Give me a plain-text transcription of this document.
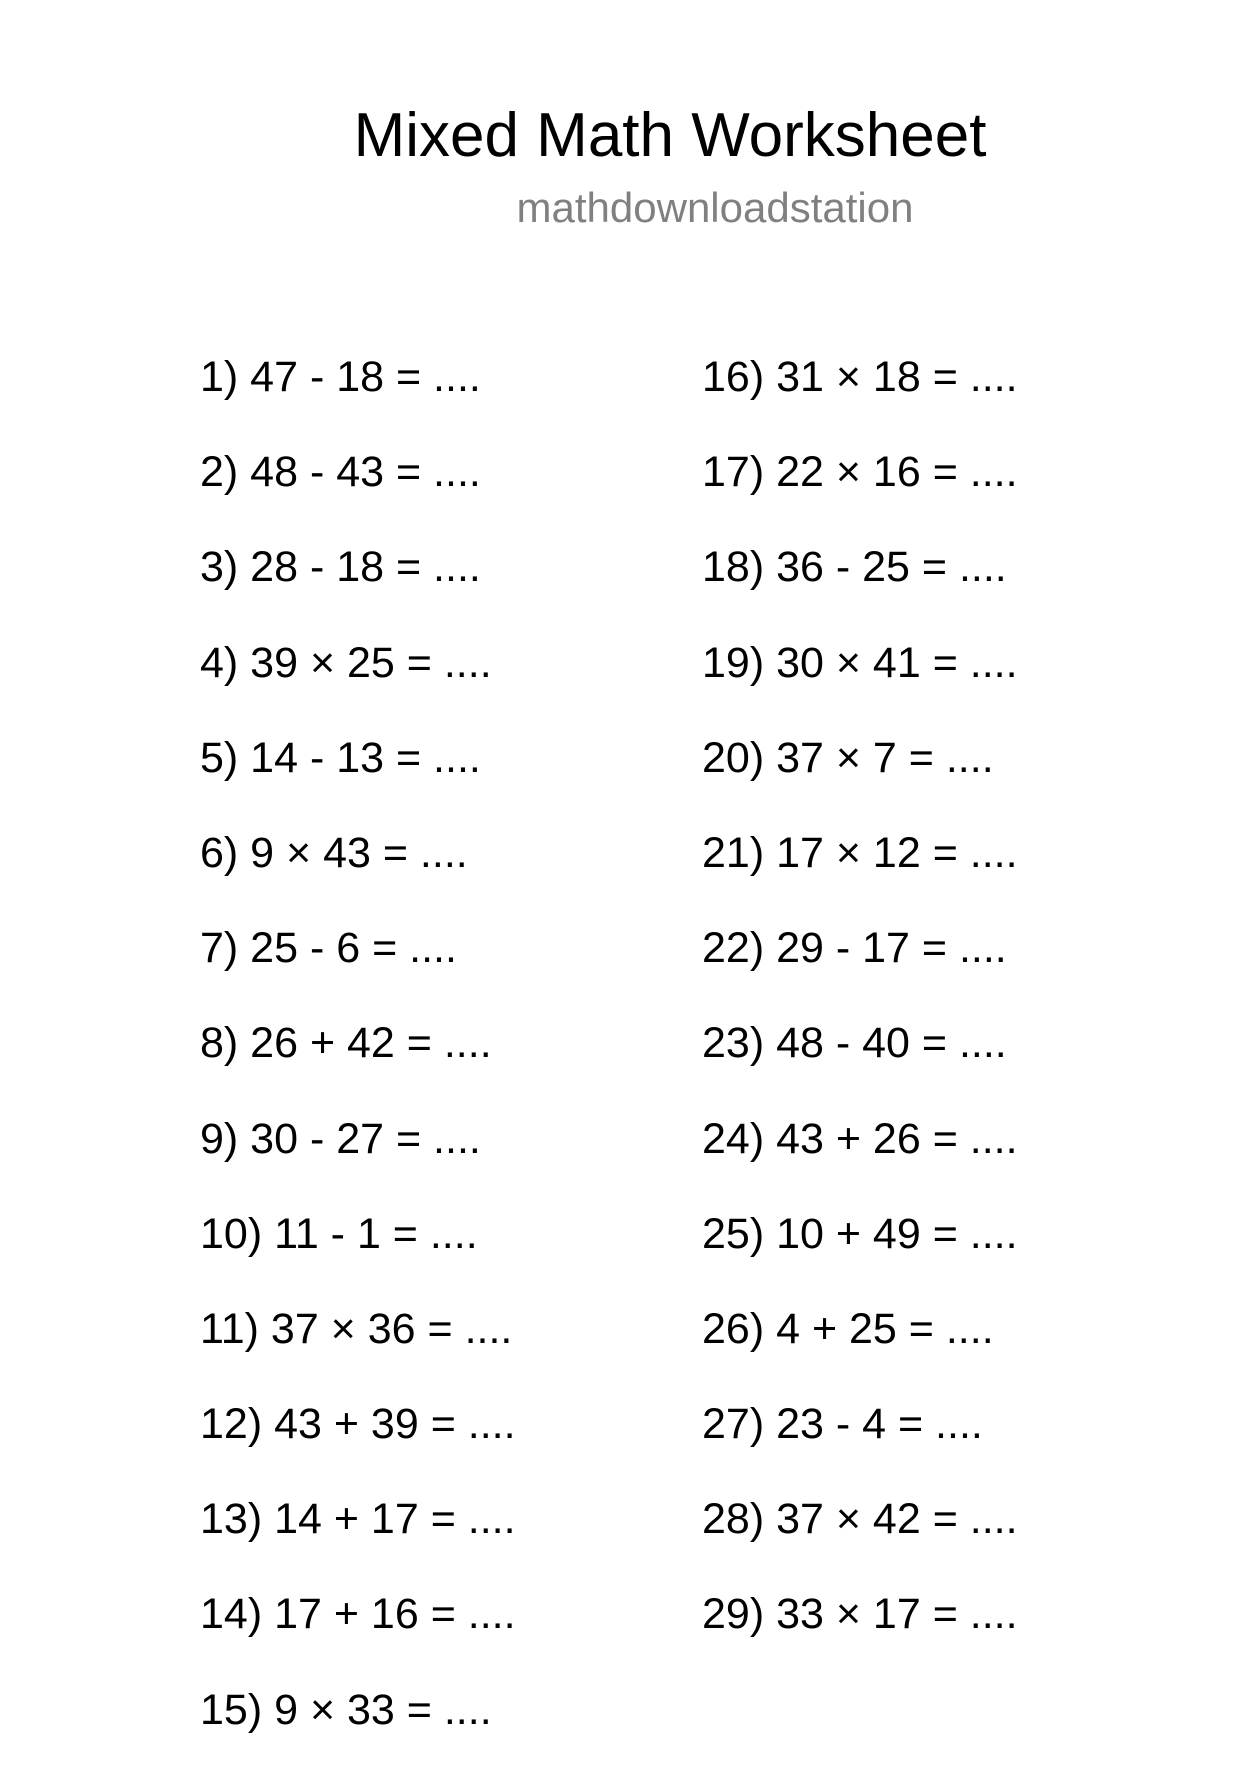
Mixed Math Worksheet
mathdownloadstation
1) 47 - 18 = ....
2) 48 - 43 = ....
3) 28 - 18 = ....
4) 39 × 25 = ....
5) 14 - 13 = ....
6) 9 × 43 = ....
7) 25 - 6 = ....
8) 26 + 42 = ....
9) 30 - 27 = ....
10) 11 - 1 = ....
11) 37 × 36 = ....
12) 43 + 39 = ....
13) 14 + 17 = ....
14) 17 + 16 = ....
15) 9 × 33 = ....
16) 31 × 18 = ....
17) 22 × 16 = ....
18) 36 - 25 = ....
19) 30 × 41 = ....
20) 37 × 7 = ....
21) 17 × 12 = ....
22) 29 - 17 = ....
23) 48 - 40 = ....
24) 43 + 26 = ....
25) 10 + 49 = ....
26) 4 + 25 = ....
27) 23 - 4 = ....
28) 37 × 42 = ....
29) 33 × 17 = ....
